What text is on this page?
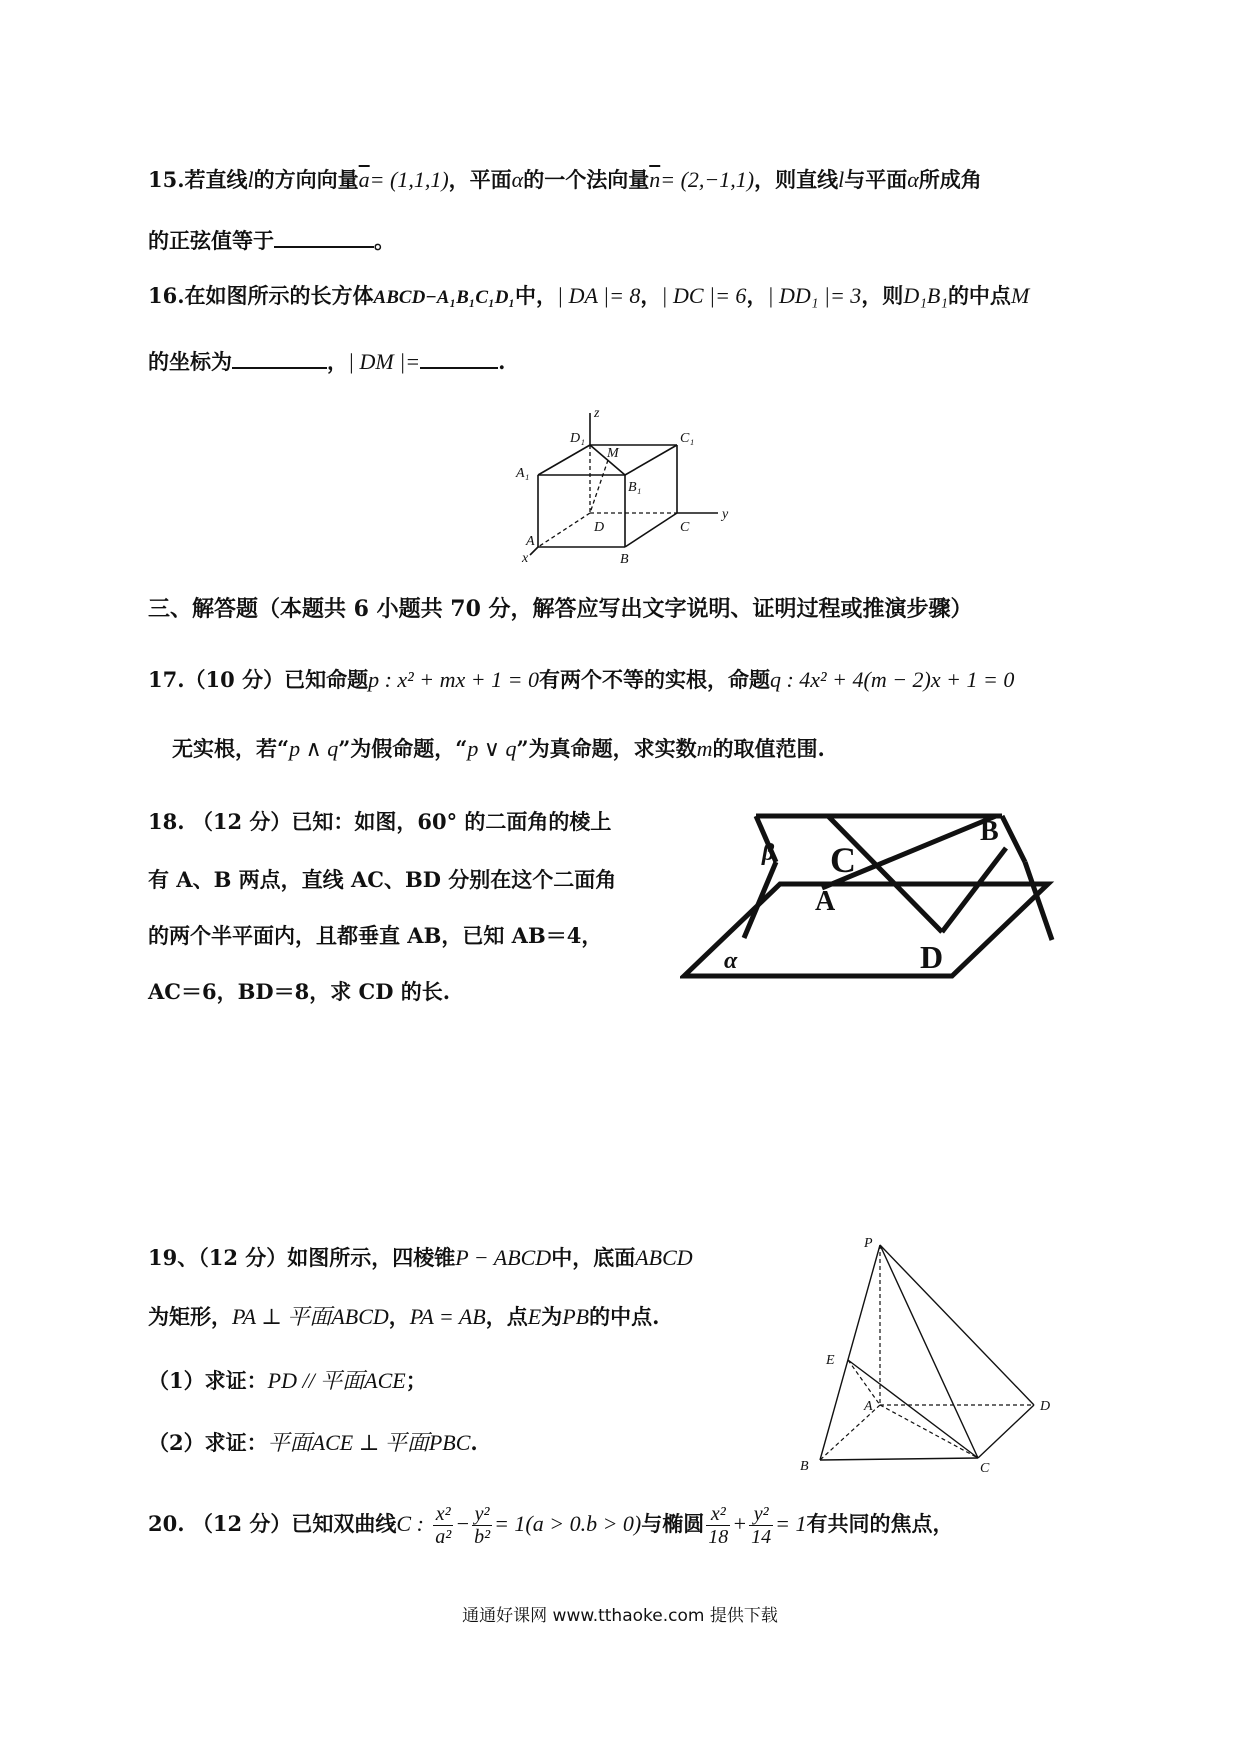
15.若直线l的方向向量$\overline{a}= (1,1,1)$，平面α的一个法向量$\overline{n}= (2,-1,1)$，则直线l与平面α所成角
的正弦值等于	。
16.在如图所示的长方体ABCD−A₁B₁C₁D₁中，| DA |= 8，| DC |= 6，| DD₁ |= 3，则D₁B₁的中点M
的坐标为	，| DM |=	.
z
y
x
D₁	C₁
A₁
B₁
M
D	C
A
B
三、解答题（本题共 6 小题共 70 分，解答应写出文字说明、证明过程或推演步骤）
17.（10 分）已知命题p : x² + mx + 1 = 0有两个不等的实根，命题q : 4x² + 4(m − 2)x + 1 = 0
无实根，若“p ∧ q”为假命题，“p ∨ q”为真命题，求实数m的取值范围.
18. （12 分）已知：如图，60° 的二面角的棱上
有 A、B 两点，直线 AC、BD 分别在这个二面角
的两个半平面内，且都垂直 AB，已知 AB＝4，
AC＝6，BD＝8，求 CD 的长.
β C
A
B
D
α
19、（12 分）如图所示，四棱锥P − ABCD中，底面ABCD
为矩形，PA ⊥ 平面ABCD，PA = AB，点E为PB的中点.
（1）求证：PD // 平面ACE；
（2）求证：平面ACE ⊥ 平面PBC.
P
E
A	D
B	C
20. （12 分）已知双曲线C : $\frac{\text{x²}}{\text{a²}} - \frac{\text{y²}}{\text{b²}} = 1(a > 0.b > 0)$与椭圆 $\frac{\text{x²}}{18} + \frac{\text{y²}}{14} = 1$有共同的焦点，
通通好课网 www.tthaoke.com 提供下载
